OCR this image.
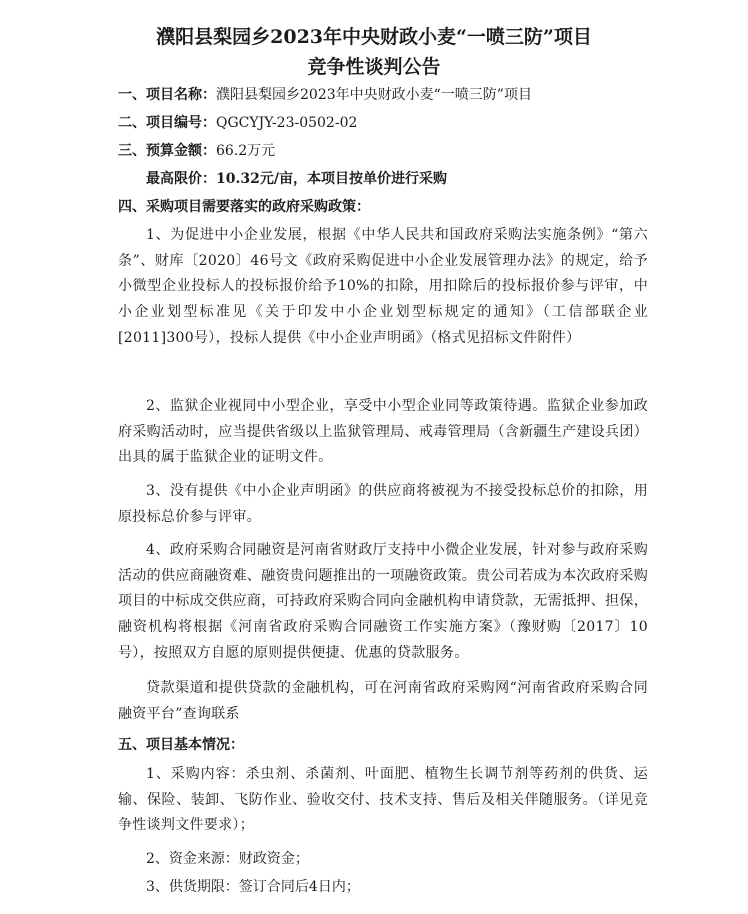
濮阳县梨园乡2023年中央财政小麦“一喷三防”项目
竞争性谈判公告
一、项目名称：濮阳县梨园乡2023年中央财政小麦“一喷三防”项目
二、项目编号：QGCYJY-23-0502-02
三、预算金额：66.2万元
最高限价：10.32元/亩，本项目按单价进行采购
四、采购项目需要落实的政府采购政策：
1、为促进中小企业发展，根据《中华人民共和国政府采购法实施条例》“第六条”、财库〔2020〕46号文《政府采购促进中小企业发展管理办法》的规定，给予小微型企业投标人的投标报价给予10%的扣除，用扣除后的投标报价参与评审，中小企业划型标准见《关于印发中小企业划型标规定的通知》（工信部联企业[2011]300号），投标人提供《中小企业声明函》（格式见招标文件附件）
2、监狱企业视同中小型企业，享受中小型企业同等政策待遇。监狱企业参加政府采购活动时，应当提供省级以上监狱管理局、戒毒管理局（含新疆生产建设兵团）出具的属于监狱企业的证明文件。
3、没有提供《中小企业声明函》的供应商将被视为不接受投标总价的扣除，用原投标总价参与评审。
4、政府采购合同融资是河南省财政厅支持中小微企业发展，针对参与政府采购活动的供应商融资难、融资贵问题推出的一项融资政策。贵公司若成为本次政府采购项目的中标成交供应商，可持政府采购合同向金融机构申请贷款，无需抵押、担保，融资机构将根据《河南省政府采购合同融资工作实施方案》（豫财购〔2017〕10 号），按照双方自愿的原则提供便捷、优惠的贷款服务。
贷款渠道和提供贷款的金融机构，可在河南省政府采购网“河南省政府采购合同融资平台”查询联系
五、项目基本情况：
1、采购内容：杀虫剂、杀菌剂、叶面肥、植物生长调节剂等药剂的供货、运输、保险、装卸、飞防作业、验收交付、技术支持、售后及相关伴随服务。（详见竞争性谈判文件要求）；
2、资金来源：财政资金；
3、供货期限：签订合同后4日内；
